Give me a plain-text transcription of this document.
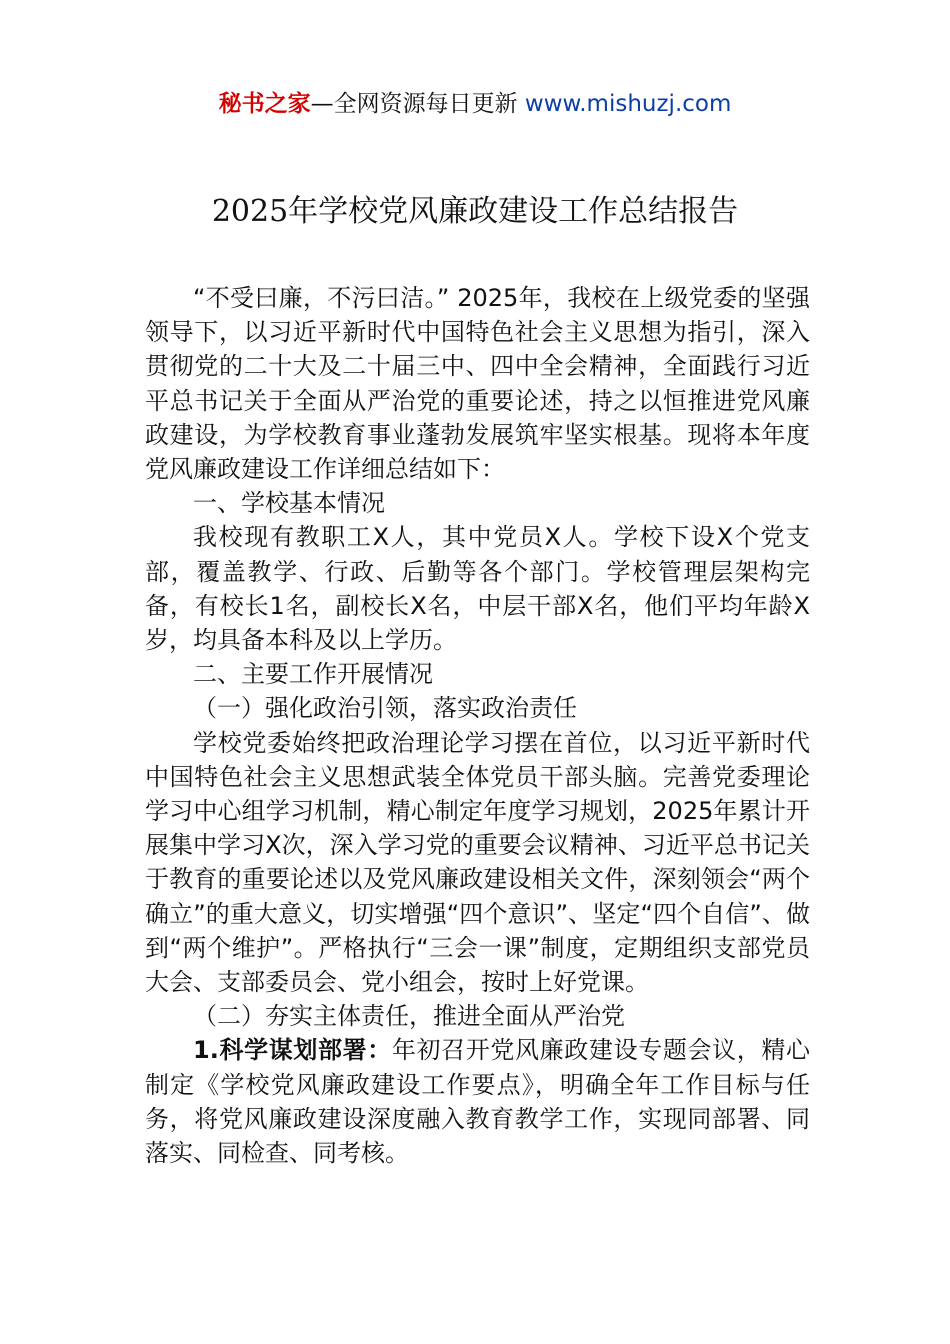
秘书之家—全网资源每日更新 www.mishuzj.com
2025年学校党风廉政建设工作总结报告

“不受曰廉，不污曰洁。” 2025年，我校在上级党委的坚强领导下，以习近平新时代中国特色社会主义思想为指引，深入贯彻党的二十大及二十届三中、四中全会精神，全面践行习近平总书记关于全面从严治党的重要论述，持之以恒推进党风廉政建设，为学校教育事业蓬勃发展筑牢坚实根基。现将本年度党风廉政建设工作详细总结如下：

一、学校基本情况

我校现有教职工X人，其中党员X人。学校下设X个党支部，覆盖教学、行政、后勤等各个部门。学校管理层架构完备，有校长1名，副校长X名，中层干部X名，他们平均年龄X岁，均具备本科及以上学历。

二、主要工作开展情况

（一）强化政治引领，落实政治责任

学校党委始终把政治理论学习摆在首位，以习近平新时代中国特色社会主义思想武装全体党员干部头脑。完善党委理论学习中心组学习机制，精心制定年度学习规划，2025年累计开展集中学习X次，深入学习党的重要会议精神、习近平总书记关于教育的重要论述以及党风廉政建设相关文件，深刻领会“两个确立”的重大意义，切实增强“四个意识”、坚定“四个自信”、做到“两个维护”。严格执行“三会一课”制度，定期组织支部党员大会、支部委员会、党小组会，按时上好党课。

（二）夯实主体责任，推进全面从严治党

1.科学谋划部署：年初召开党风廉政建设专题会议，精心制定《学校党风廉政建设工作要点》，明确全年工作目标与任务，将党风廉政建设深度融入教育教学工作，实现同部署、同落实、同检查、同考核。
